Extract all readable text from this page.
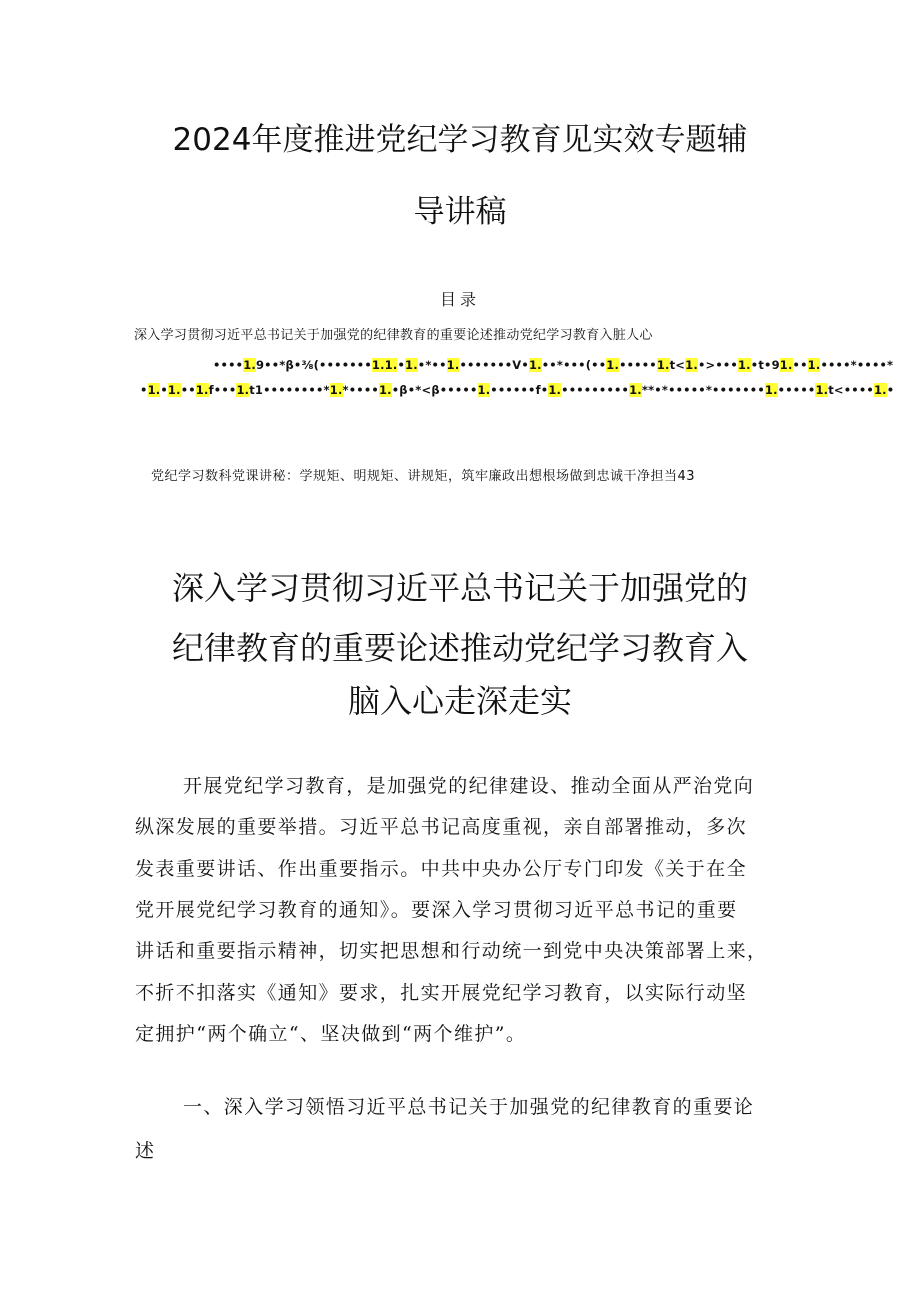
2024年度推进党纪学习教育见实效专题辅
导讲稿
目录
深入学习贯彻习近平总书记关于加强党的纪律教育的重要论述推动党纪学习教育入脏人心
••••1.9••*β•⅜(•••••••1.1.•1.•*••1.•••••••V•1.••*•••(••1.•••••1.t<1.•>•••1.•t•91.••1.••••*••••*
•1.•1.••1.f•••1.t1••••••••*1.*••••1.•β•*<β•••••1.••••••f•1.•••••••••1.**•*•••••*•••••••1.•••••1.t<••••1.•
党纪学习数科党课讲秘：学规矩、明规矩、讲规矩，筑牢廉政出想根场做到忠诚干净担当43
深入学习贯彻习近平总书记关于加强党的
纪律教育的重要论述推动党纪学习教育入
脑入心走深走实
开展党纪学习教育，是加强党的纪律建设、推动全面从严治党向
纵深发展的重要举措。习近平总书记高度重视，亲自部署推动，多次
发表重要讲话、作出重要指示。中共中央办公厅专门印发《关于在全
党开展党纪学习教育的通知》。要深入学习贯彻习近平总书记的重要
讲话和重要指示精神，切实把思想和行动统一到党中央决策部署上来，
不折不扣落实《通知》要求，扎实开展党纪学习教育，以实际行动坚
定拥护“两个确立“、坚决做到“两个维护”。
一、深入学习领悟习近平总书记关于加强党的纪律教育的重要论
述
